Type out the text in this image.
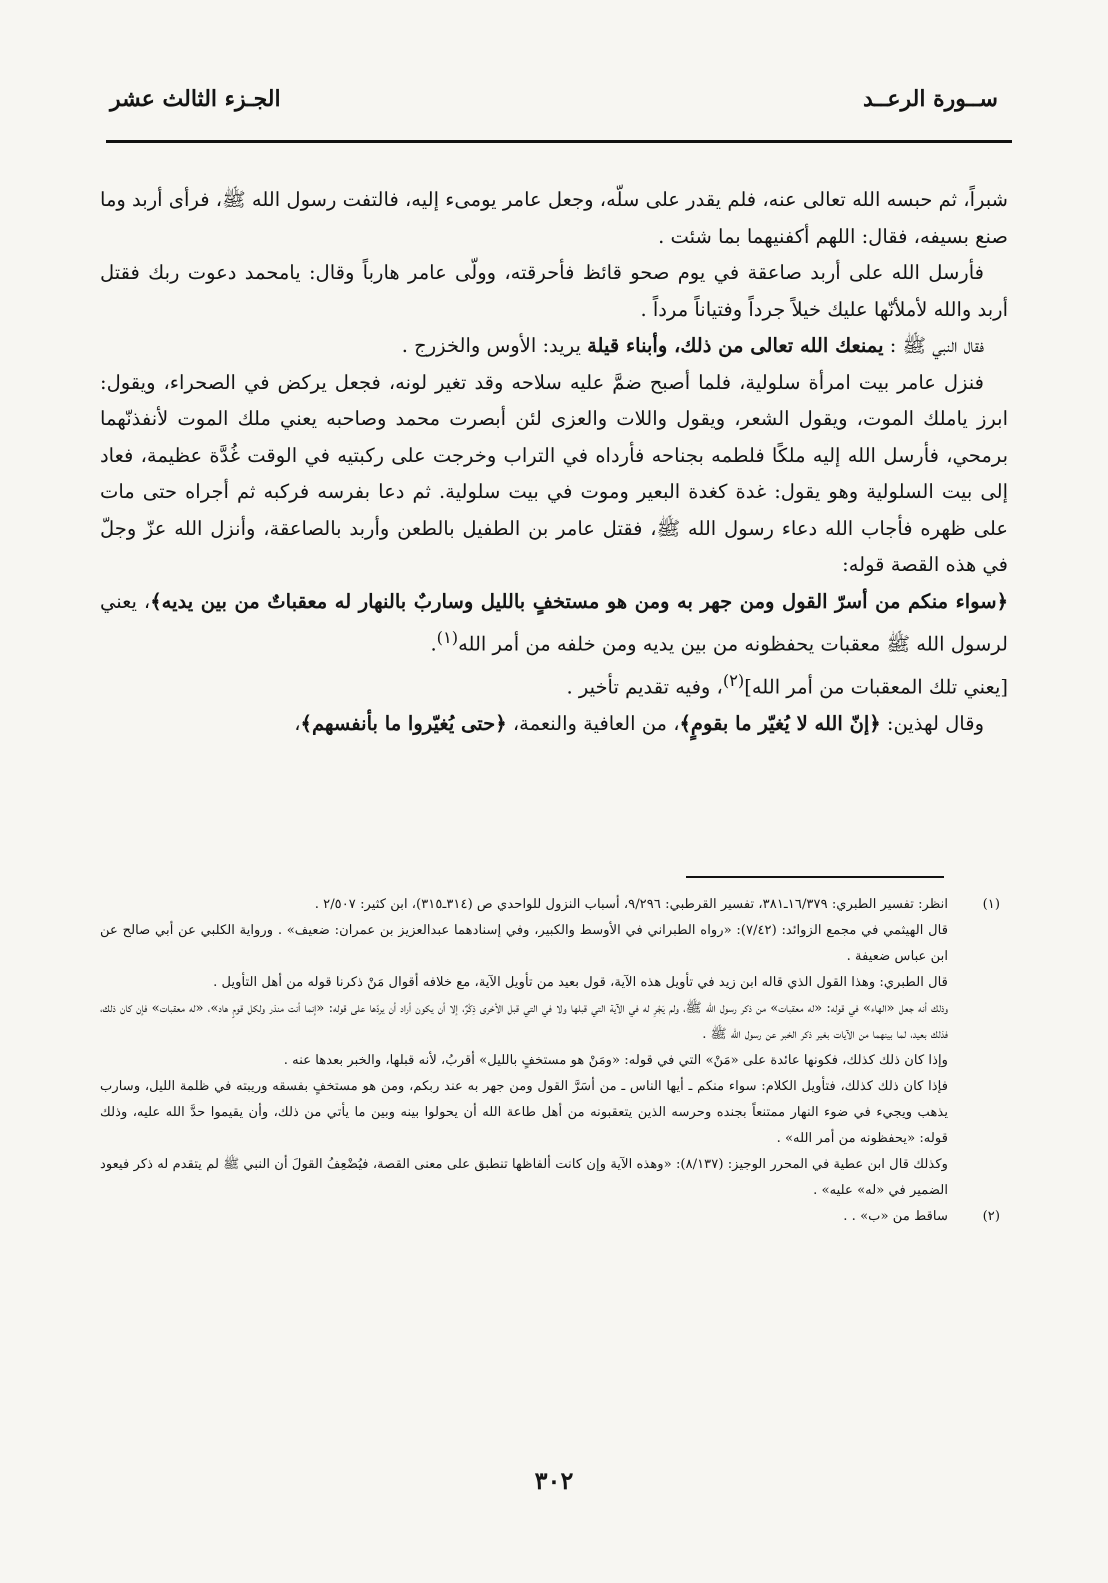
ســورة الرعــد
الجـزء الثالث عشر

شبراً، ثم حبسه الله تعالى عنه، فلم يقدر على سلّه، وجعل عامر يومىء إليه، فالتفت رسول الله ﷺ، فرأى أربد وما صنع بسيفه، فقال: اللهم أكفنيهما بما شئت .

فأرسل الله على أربد صاعقة في يوم صحو قائظ فأحرقته، وولّى عامر هارباً وقال: يامحمد دعوت ربك فقتل أربد والله لأملأنّها عليك خيلاً جرداً وفتياناً مرداً .

فقال النبي ﷺ : يمنعك الله تعالى من ذلك، وأبناء قيلة يريد: الأوس والخزرج .

فنزل عامر بيت امرأة سلولية، فلما أصبح ضمَّ عليه سلاحه وقد تغير لونه، فجعل يركض في الصحراء، ويقول: ابرز ياملك الموت، ويقول الشعر، ويقول واللات والعزى لئن أبصرت محمد وصاحبه يعني ملك الموت لأنفذنّهما برمحي، فأرسل الله إليه ملكًا فلطمه بجناحه فأرداه في التراب وخرجت على ركبتيه في الوقت غُدَّة عظيمة، فعاد إلى بيت السلولية وهو يقول: غدة كغدة البعير وموت في بيت سلولية. ثم دعا بفرسه فركبه ثم أجراه حتى مات على ظهره فأجاب الله دعاء رسول الله ﷺ، فقتل عامر بن الطفيل بالطعن وأربد بالصاعقة، وأنزل الله عزّ وجلّ في هذه القصة قوله:

﴿سواء منكم من أسرّ القول ومن جهر به ومن هو مستخفٍ بالليل وساربٌ بالنهار له معقباتٌ من بين يديه﴾، يعني لرسول الله ﷺ معقبات يحفظونه من بين يديه ومن خلفه من أمر الله$^{(١)}$.

[يعني تلك المعقبات من أمر الله]$^{(٢)}$، وفيه تقديم تأخير .

وقال لهذين: ﴿إنّ الله لا يُغيّر ما بقومٍ﴾، من العافية والنعمة، ﴿حتى يُغيّروا ما بأنفسهم﴾،

(١)
انظر: تفسير الطبري: ١٦/٣٧٩ـ٣٨١، تفسير القرطبي: ٩/٢٩٦، أسباب النزول للواحدي ص (٣١٤ـ٣١٥)، ابن كثير: ٢/٥٠٧ .

قال الهيثمي في مجمع الزوائد: (٧/٤٢): «رواه الطبراني في الأوسط والكبير، وفي إسنادهما عبدالعزيز بن عمران: ضعيف» . ورواية الكلبي عن أبي صالح عن ابن عباس ضعيفة .

قال الطبري: وهذا القول الذي قاله ابن زيد في تأويل هذه الآية، قول بعيد من تأويل الآية، مع خلافه أقوال مَنْ ذكرنا قوله من أهل التأويل .

وذلك أنه جعل «الهاء» في قوله: «له معقبات» من ذكر رسول الله ﷺ، ولم يَجْرِ له في الآية التي قبلها ولا في التي قبل الأخرى ذِكْرٌ، إلا أن يكون أراد أن يردّها على قوله: «إنما أنت منذر ولكل قومٍ هاد»، «له معقبات» فإن كان ذلك، فذلك بعيد، لما بينهما من الآيات بغير ذكر الخبر عن رسول الله ﷺ .

وإذا كان ذلك كذلك، فكونها عائدة على «مَنْ» التي في قوله: «ومَنْ هو مستخفٍ بالليل» أقربُ، لأنه قبلها، والخبر بعدها عنه .

فإذا كان ذلك كذلك، فتأويل الكلام: سواء منكم ـ أيها الناس ـ من أسَرَّ القول ومن جهر به عند ربكم، ومن هو مستخفٍ بفسقه وريبته في ظلمة الليل، وسارب يذهب ويجيء في ضوء النهار ممتنعاً بجنده وحرسه الذين يتعقبونه من أهل طاعة الله أن يحولوا بينه وبين ما يأتي من ذلك، وأن يقيموا حدَّ الله عليه، وذلك قوله: «يحفظونه من أمر الله» .

وكذلك قال ابن عطية في المحرر الوجيز: (٨/١٣٧): «وهذه الآية وإن كانت ألفاظها تنطبق على معنى القصة، فيُضْعِفُ القولَ أن النبي ﷺ لم يتقدم له ذكر فيعود الضمير في «له» عليه» .

(٢)
ساقط من «ب» . .

٣٠٢
